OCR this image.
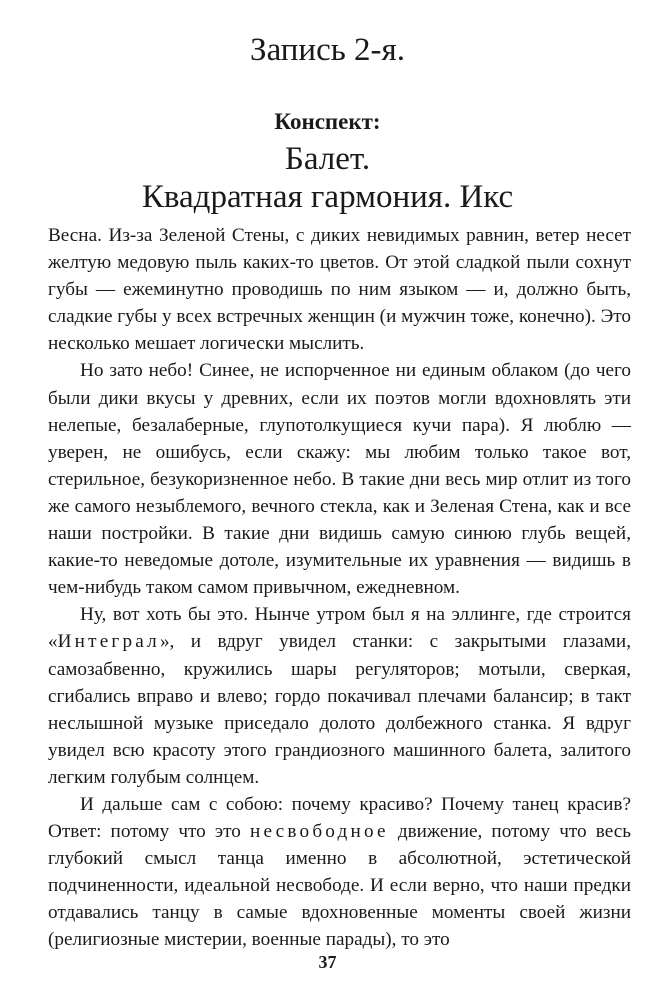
Запись 2-я.
Конспект:
Балет.
Квадратная гармония. Икс

Весна. Из-за Зеленой Стены, с диких невидимых равнин, ветер несет желтую медовую пыль каких-то цветов. От этой сладкой пыли сохнут губы — ежеминутно проводишь по ним языком — и, должно быть, сладкие губы у всех встречных женщин (и мужчин тоже, конечно). Это несколько мешает логически мыслить.

Но зато небо! Синее, не испорченное ни единым облаком (до чего были дики вкусы у древних, если их поэтов могли вдохновлять эти нелепые, безалаберные, глупотолкущиеся кучи пара). Я люблю — уверен, не ошибусь, если скажу: мы любим только такое вот, стерильное, безукоризненное небо. В такие дни весь мир отлит из того же самого незыблемого, вечного стекла, как и Зеленая Стена, как и все наши постройки. В такие дни видишь самую синюю глубь вещей, какие-то неведомые дотоле, изумительные их уравнения — видишь в чем-нибудь таком самом привычном, ежедневном.

Ну, вот хоть бы это. Нынче утром был я на эллинге, где строится «Интеграл», и вдруг увидел станки: с закрытыми глазами, самозабвенно, кружились шары регуляторов; мотыли, сверкая, сгибались вправо и влево; гордо покачивал плечами балансир; в такт неслышной музыке приседало долото долбежного станка. Я вдруг увидел всю красоту этого грандиозного машинного балета, залитого легким голубым солнцем.

И дальше сам с собою: почему красиво? Почему танец красив? Ответ: потому что это несвободное движение, потому что весь глубокий смысл танца именно в абсолютной, эстетической подчиненности, идеальной несвободе. И если верно, что наши предки отдавались танцу в самые вдохновенные моменты своей жизни (религиозные мистерии, военные парады), то это

37
